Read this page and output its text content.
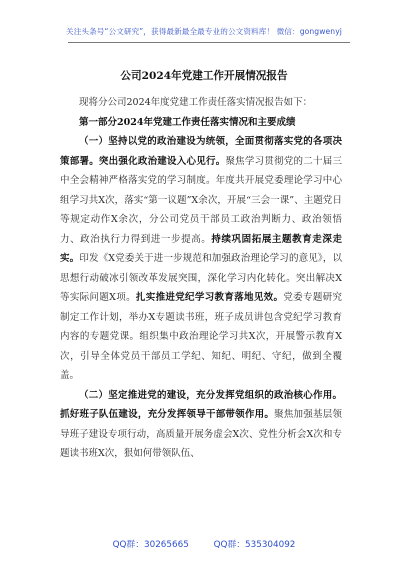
关注头条号“公文研究”，获得最新最全最专业的公文资料库！ 微信：gongwenyj
公司2024年党建工作开展情况报告

现将分公司2024年度党建工作责任落实情况报告如下：

第一部分2024年党建工作责任落实情况和主要成绩

（一）坚持以党的政治建设为统领，全面贯彻落实党的各项决策部署。突出强化政治建设入心见行。聚焦学习贯彻党的二十届三中全会精神严格落实党的学习制度。年度共开展党委理论学习中心组学习共X次，落实“第一议题”X余次，开展“三会一课”、主题党日等规定动作X余次，分公司党员干部员工政治判断力、政治领悟力、政治执行力得到进一步提高。持续巩固拓展主题教育走深走实。印发《X党委关于进一步规范和加强政治理论学习的意见》，以思想行动破冰引领改革发展突围，深化学习内化转化。突出解决X等实际问题X项。扎实推进党纪学习教育落地见效。党委专题研究制定工作计划，举办X专题读书班，班子成员讲包含党纪学习教育内容的专题党课。组织集中政治理论学习共X次，开展警示教育X次，引导全体党员干部员工学纪、知纪、明纪、守纪，做到全覆盖。

（二）坚定推进党的建设，充分发挥党组织的政治核心作用。抓好班子队伍建设，充分发挥领导干部带领作用。聚焦加强基层领导班子建设专项行动，高质量开展务虚会X次、党性分析会X次和专题读书班X次，狠如何带领队伍、

QQ群：30265665	QQ群：535304092
